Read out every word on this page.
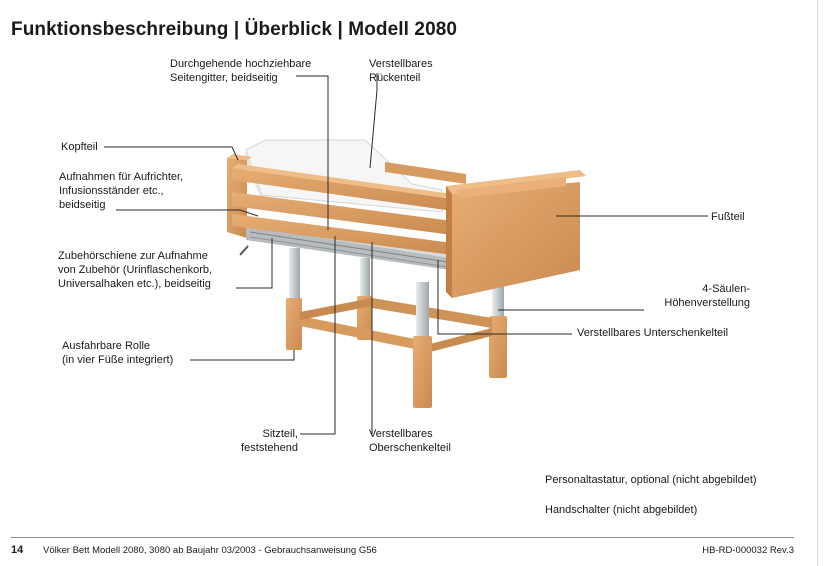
Funktionsbeschreibung | Überblick | Modell 2080
Durchgehende hochziehbare
Seitengitter, beidseitig
Verstellbares
Rückenteil
Kopfteil
Aufnahmen für Aufrichter,
Infusionsständer etc.,
beidseitig
Zubehörschiene zur Aufnahme
von Zubehör (Urinflaschenkorb,
Universalhaken etc.), beidseitig
Ausfahrbare Rolle
(in vier Füße integriert)
Sitzteil,
feststehend
Verstellbares
Oberschenkelteil
Fußteil
4-Säulen-
Höhenverstellung
Verstellbares Unterschenkelteil
Personaltastatur, optional (nicht abgebildet)
Handschalter (nicht abgebildet)
14 Völker Bett Modell 2080, 3080 ab Baujahr 03/2003 - Gebrauchsanweisung G56	HB-RD-000032 Rev.3
